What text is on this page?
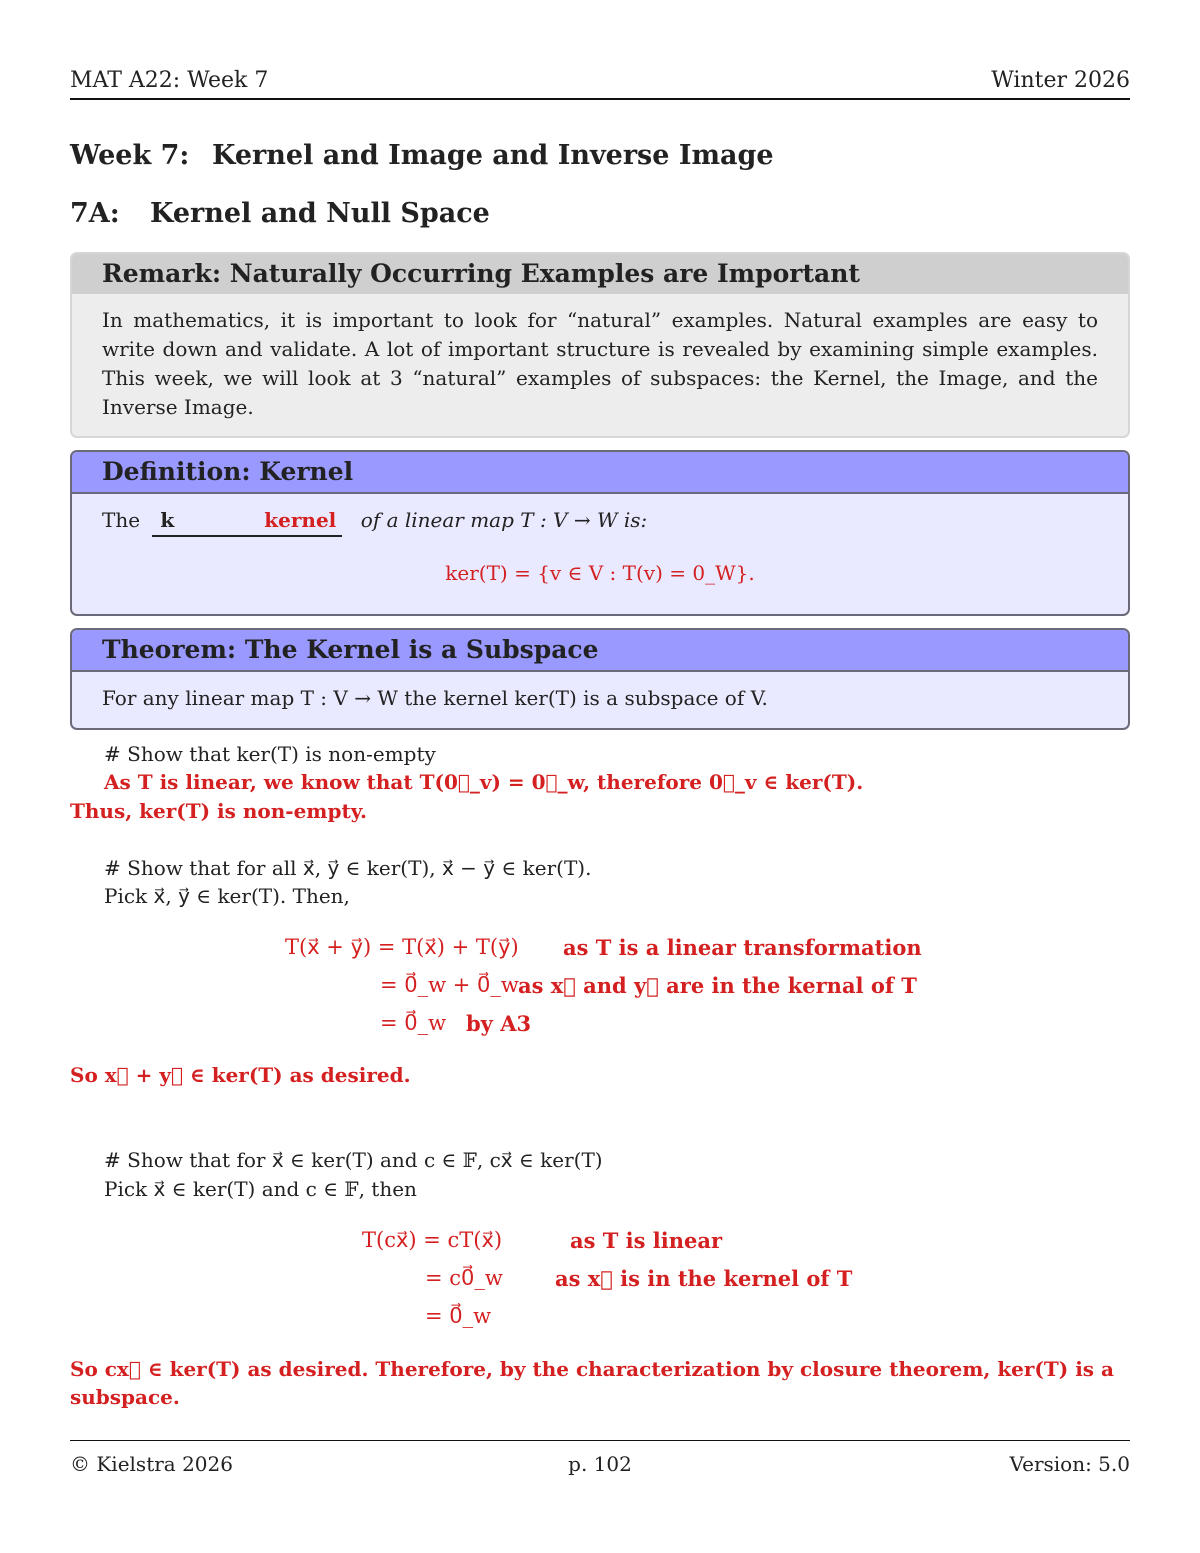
MAT A22: Week 7	Winter 2026
Week 7: Kernel and Image and Inverse Image
7A: Kernel and Null Space
Remark: Naturally Occurring Examples are Important
In mathematics, it is important to look for “natural” examples. Natural examples are easy to write down and validate. A lot of important structure is revealed by examining simple examples. This week, we will look at 3 “natural” examples of subspaces: the Kernel, the Image, and the Inverse Image.
Definition: Kernel
The k	kernel of a linear map T : V → W is:
ker(T) = {v ∈ V : T(v) = 0_W}.
Theorem: The Kernel is a Subspace
For any linear map T : V → W the kernel ker(T) is a subspace of V.
# Show that ker(T) is non-empty
As T is linear, we know that T(0⃗_v) = 0⃗_w, therefore 0⃗_v ∈ ker(T).
Thus, ker(T) is non-empty.
# Show that for all x⃗, y⃗ ∈ ker(T), x⃗ − y⃗ ∈ ker(T).
Pick x⃗, y⃗ ∈ ker(T). Then,
T(x⃗ + y⃗) = T(x⃗) + T(y⃗) as T is a linear transformation
= 0⃗_w + 0⃗_w as x⃗ and y⃗ are in the kernal of T
= 0⃗_w by A3
So x⃗ + y⃗ ∈ ker(T) as desired.
# Show that for x⃗ ∈ ker(T) and c ∈ 𝔽, cx⃗ ∈ ker(T)
Pick x⃗ ∈ ker(T) and c ∈ 𝔽, then
T(cx⃗) = cT(x⃗)	as T is linear
= c0⃗_w as x⃗ is in the kernel of T
= 0⃗_w
So cx⃗ ∈ ker(T) as desired. Therefore, by the characterization by closure theorem, ker(T) is a
subspace.
© Kielstra 2026	p. 102	Version: 5.0
